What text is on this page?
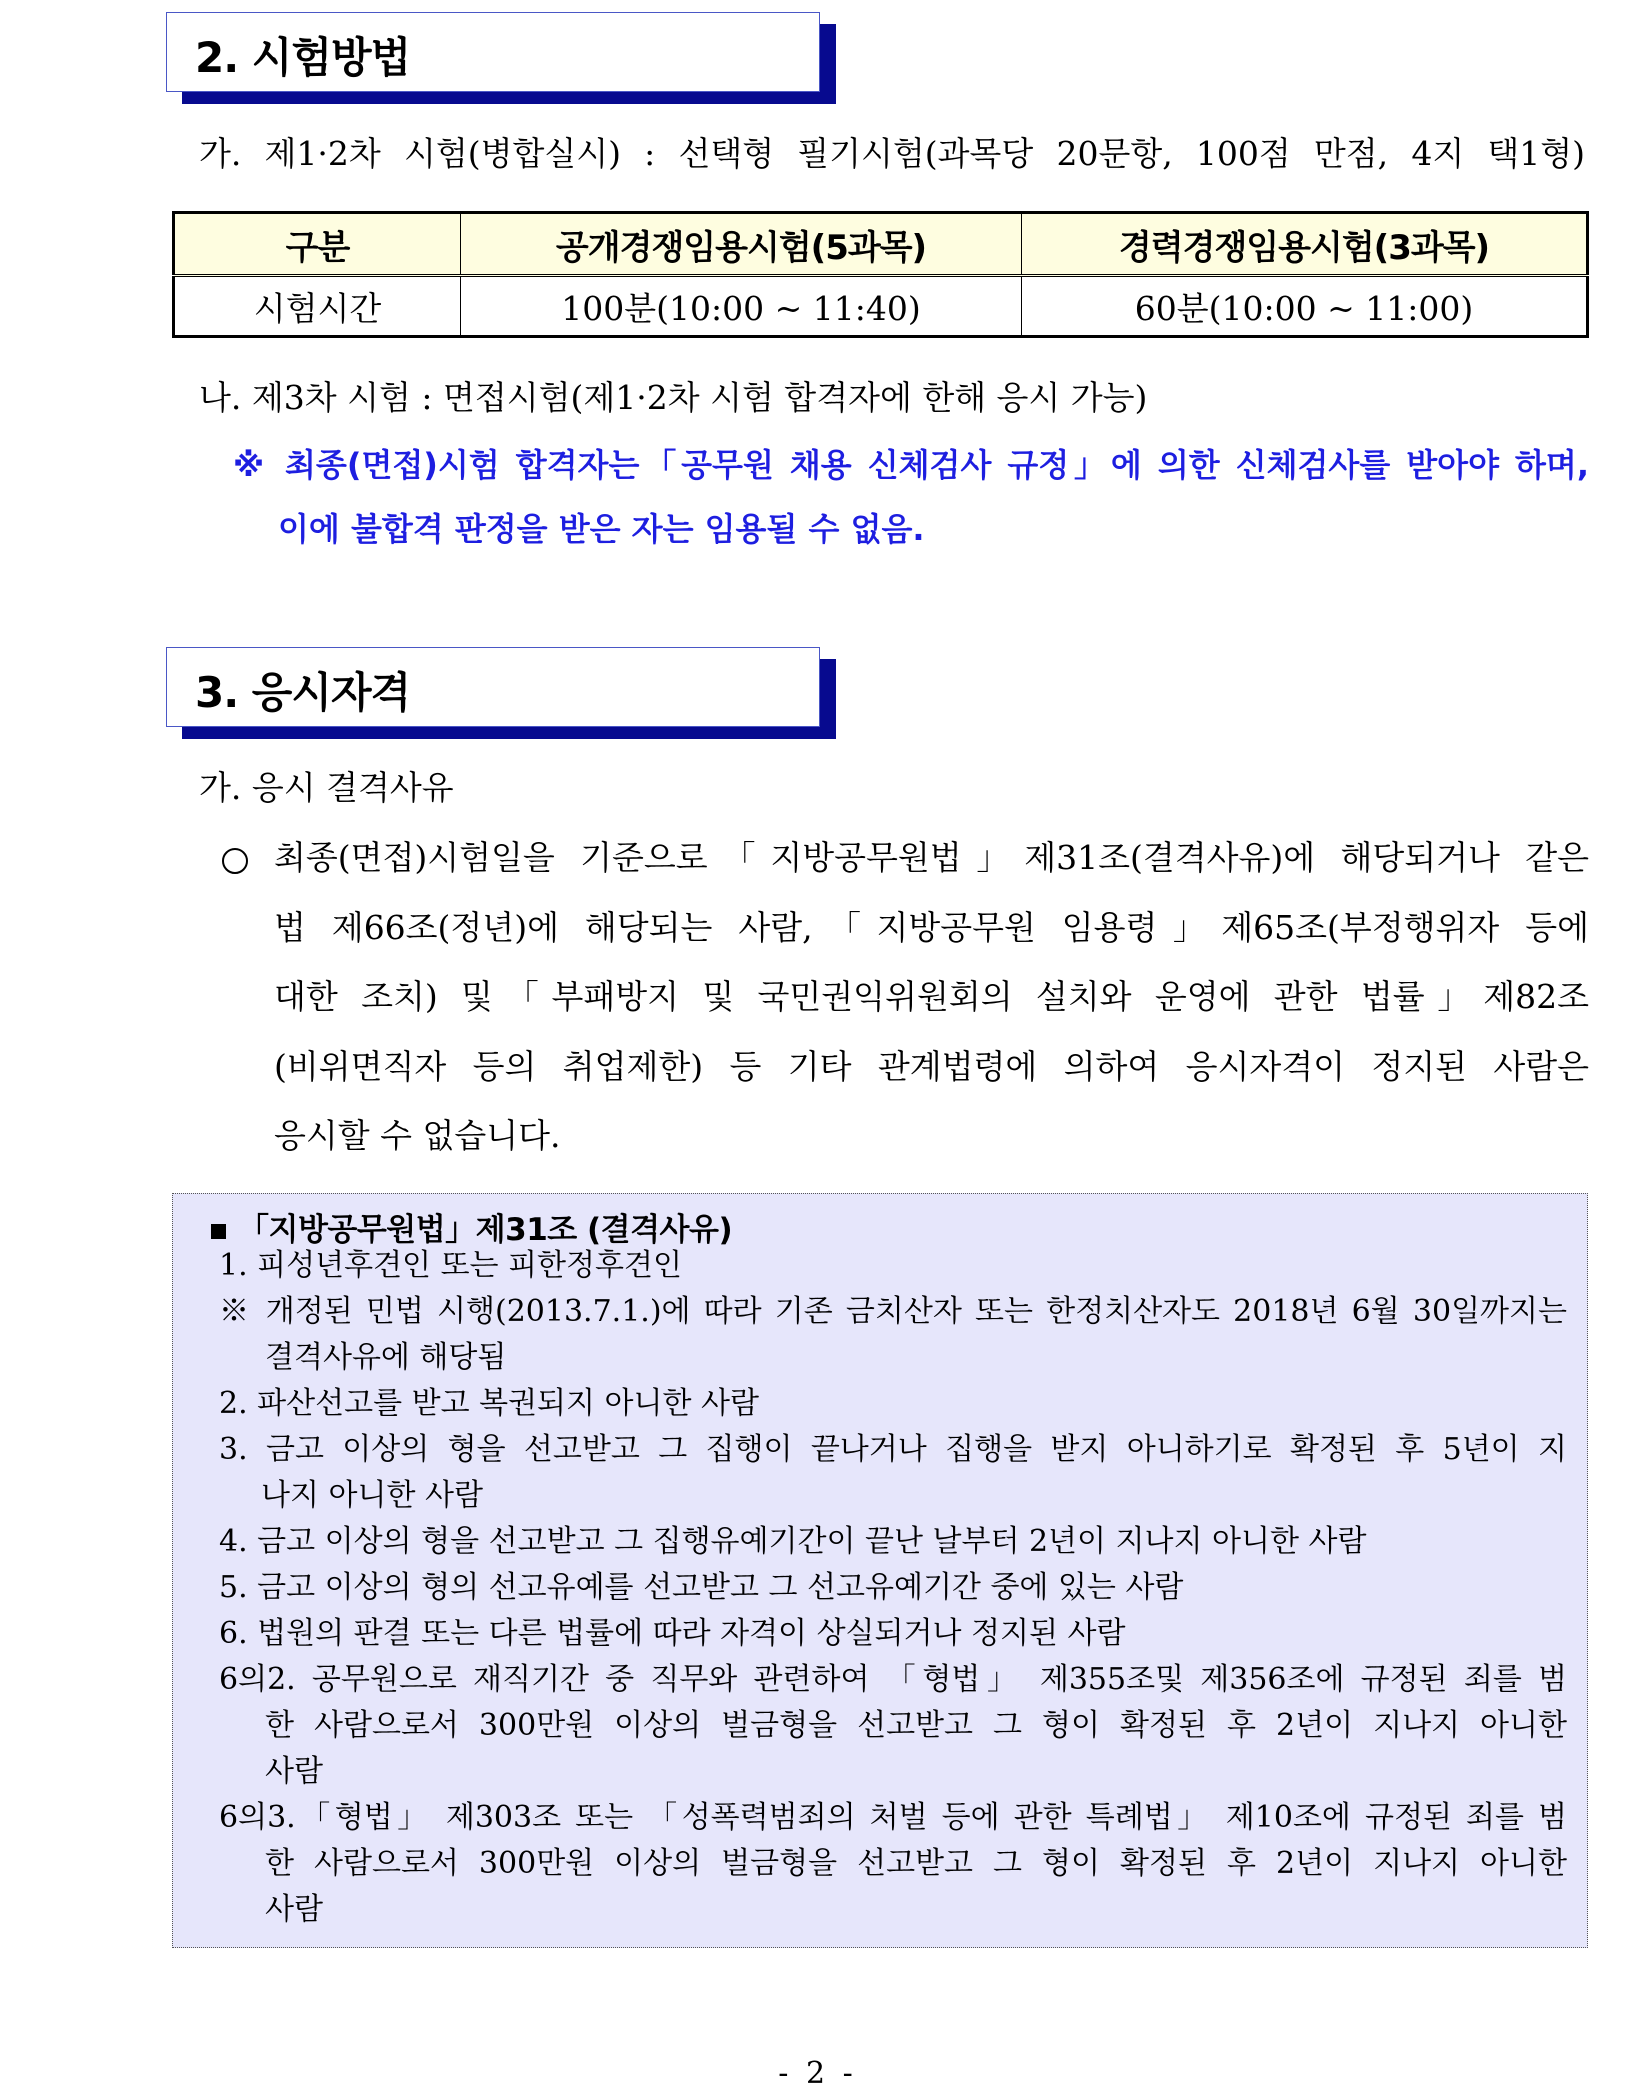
2. 시험방법
가. 제1·2차 시험(병합실시) : 선택형 필기시험(과목당 20문항, 100점 만점, 4지 택1형)
구분	공개경쟁임용시험(5과목)	경력경쟁임용시험(3과목)
시험시간	100분(10:00 ~ 11:40)	60분(10:00 ~ 11:00)
나. 제3차 시험 : 면접시험(제1·2차 시험 합격자에 한해 응시 가능)
※ 최종(면접)시험 합격자는「공무원 채용 신체검사 규정」에 의한 신체검사를 받아야 하며,
이에 불합격 판정을 받은 자는 임용될 수 없음.
3. 응시자격
가. 응시 결격사유
최종(면접)시험일을 기준으로「지방공무원법」제31조(결격사유)에 해당되거나 같은
법 제66조(정년)에 해당되는 사람,「지방공무원 임용령」제65조(부정행위자 등에
대한 조치) 및「부패방지 및 국민권익위원회의 설치와 운영에 관한 법률」제82조
(비위면직자 등의 취업제한) 등 기타 관계법령에 의하여 응시자격이 정지된 사람은
응시할 수 없습니다.
「지방공무원법」제31조 (결격사유)
1. 피성년후견인 또는 피한정후견인
※ 개정된 민법 시행(2013.7.1.)에 따라 기존 금치산자 또는 한정치산자도 2018년 6월 30일까지는
결격사유에 해당됨
2. 파산선고를 받고 복권되지 아니한 사람
3. 금고 이상의 형을 선고받고 그 집행이 끝나거나 집행을 받지 아니하기로 확정된 후 5년이 지
나지 아니한 사람
4. 금고 이상의 형을 선고받고 그 집행유예기간이 끝난 날부터 2년이 지나지 아니한 사람
5. 금고 이상의 형의 선고유예를 선고받고 그 선고유예기간 중에 있는 사람
6. 법원의 판결 또는 다른 법률에 따라 자격이 상실되거나 정지된 사람
6의2. 공무원으로 재직기간 중 직무와 관련하여 「형법」 제355조및 제356조에 규정된 죄를 범
한 사람으로서 300만원 이상의 벌금형을 선고받고 그 형이 확정된 후 2년이 지나지 아니한
사람
6의3.「형법」 제303조 또는 「성폭력범죄의 처벌 등에 관한 특례법」 제10조에 규정된 죄를 범
한 사람으로서 300만원 이상의 벌금형을 선고받고 그 형이 확정된 후 2년이 지나지 아니한
사람
- 2 -
